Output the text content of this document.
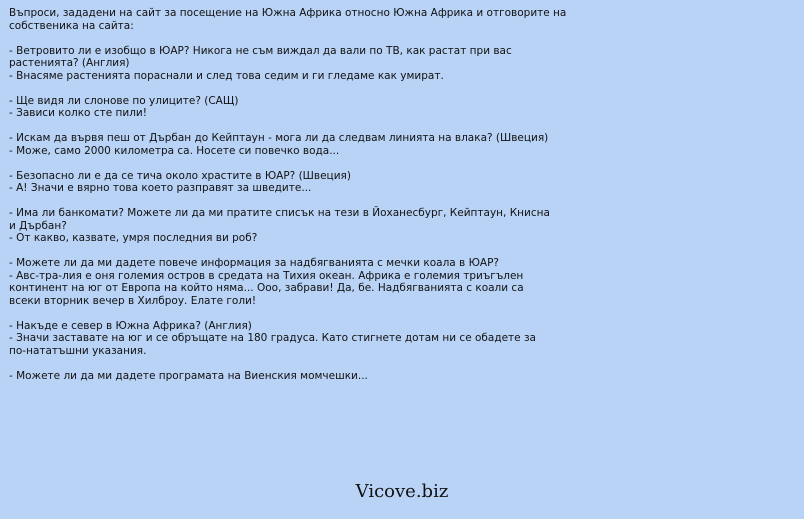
Въпроси, зададени на сайт за посещение на Южна Африка относно Южна Африка и отговорите на
собственика на сайта:
- Ветровито ли е изобщо в ЮАР? Никога не съм виждал да вали по ТВ, как растат при вас
растенията? (Англия)
- Внасяме растенията пораснали и след това седим и ги гледаме как умират.
- Ще видя ли слонове по улиците? (САЩ)
- Зависи колко сте пили!
- Искам да вървя пеш от Дърбан до Кейптаун - мога ли да следвам линията на влака? (Швеция)
- Може, само 2000 километра са. Носете си повечко вода...
- Безопасно ли е да се тича около храстите в ЮАР? (Швеция)
- А! Значи е вярно това което разправят за шведите...
- Има ли банкомати? Можете ли да ми пратите списък на тези в Йоханесбург, Кейптаун, Книсна
и Дърбан?
- От какво, казвате, умря последния ви роб?
- Можете ли да ми дадете повече информация за надбягванията с мечки коала в ЮАР?
- Авс-тра-лия е оня големия остров в средата на Тихия океан. Африка е големия триъгълен
континент на юг от Европа на който няма... Ооо, забрави! Да, бе. Надбягванията с коали са
всеки вторник вечер в Хилброу. Елате голи!
- Накъде е север в Южна Африка? (Англия)
- Значи заставате на юг и се обръщате на 180 градуса. Като стигнете дотам ни се обадете за
по-нататъшни указания.
- Можете ли да ми дадете програмата на Виенския момчешки...
Vicove.biz
